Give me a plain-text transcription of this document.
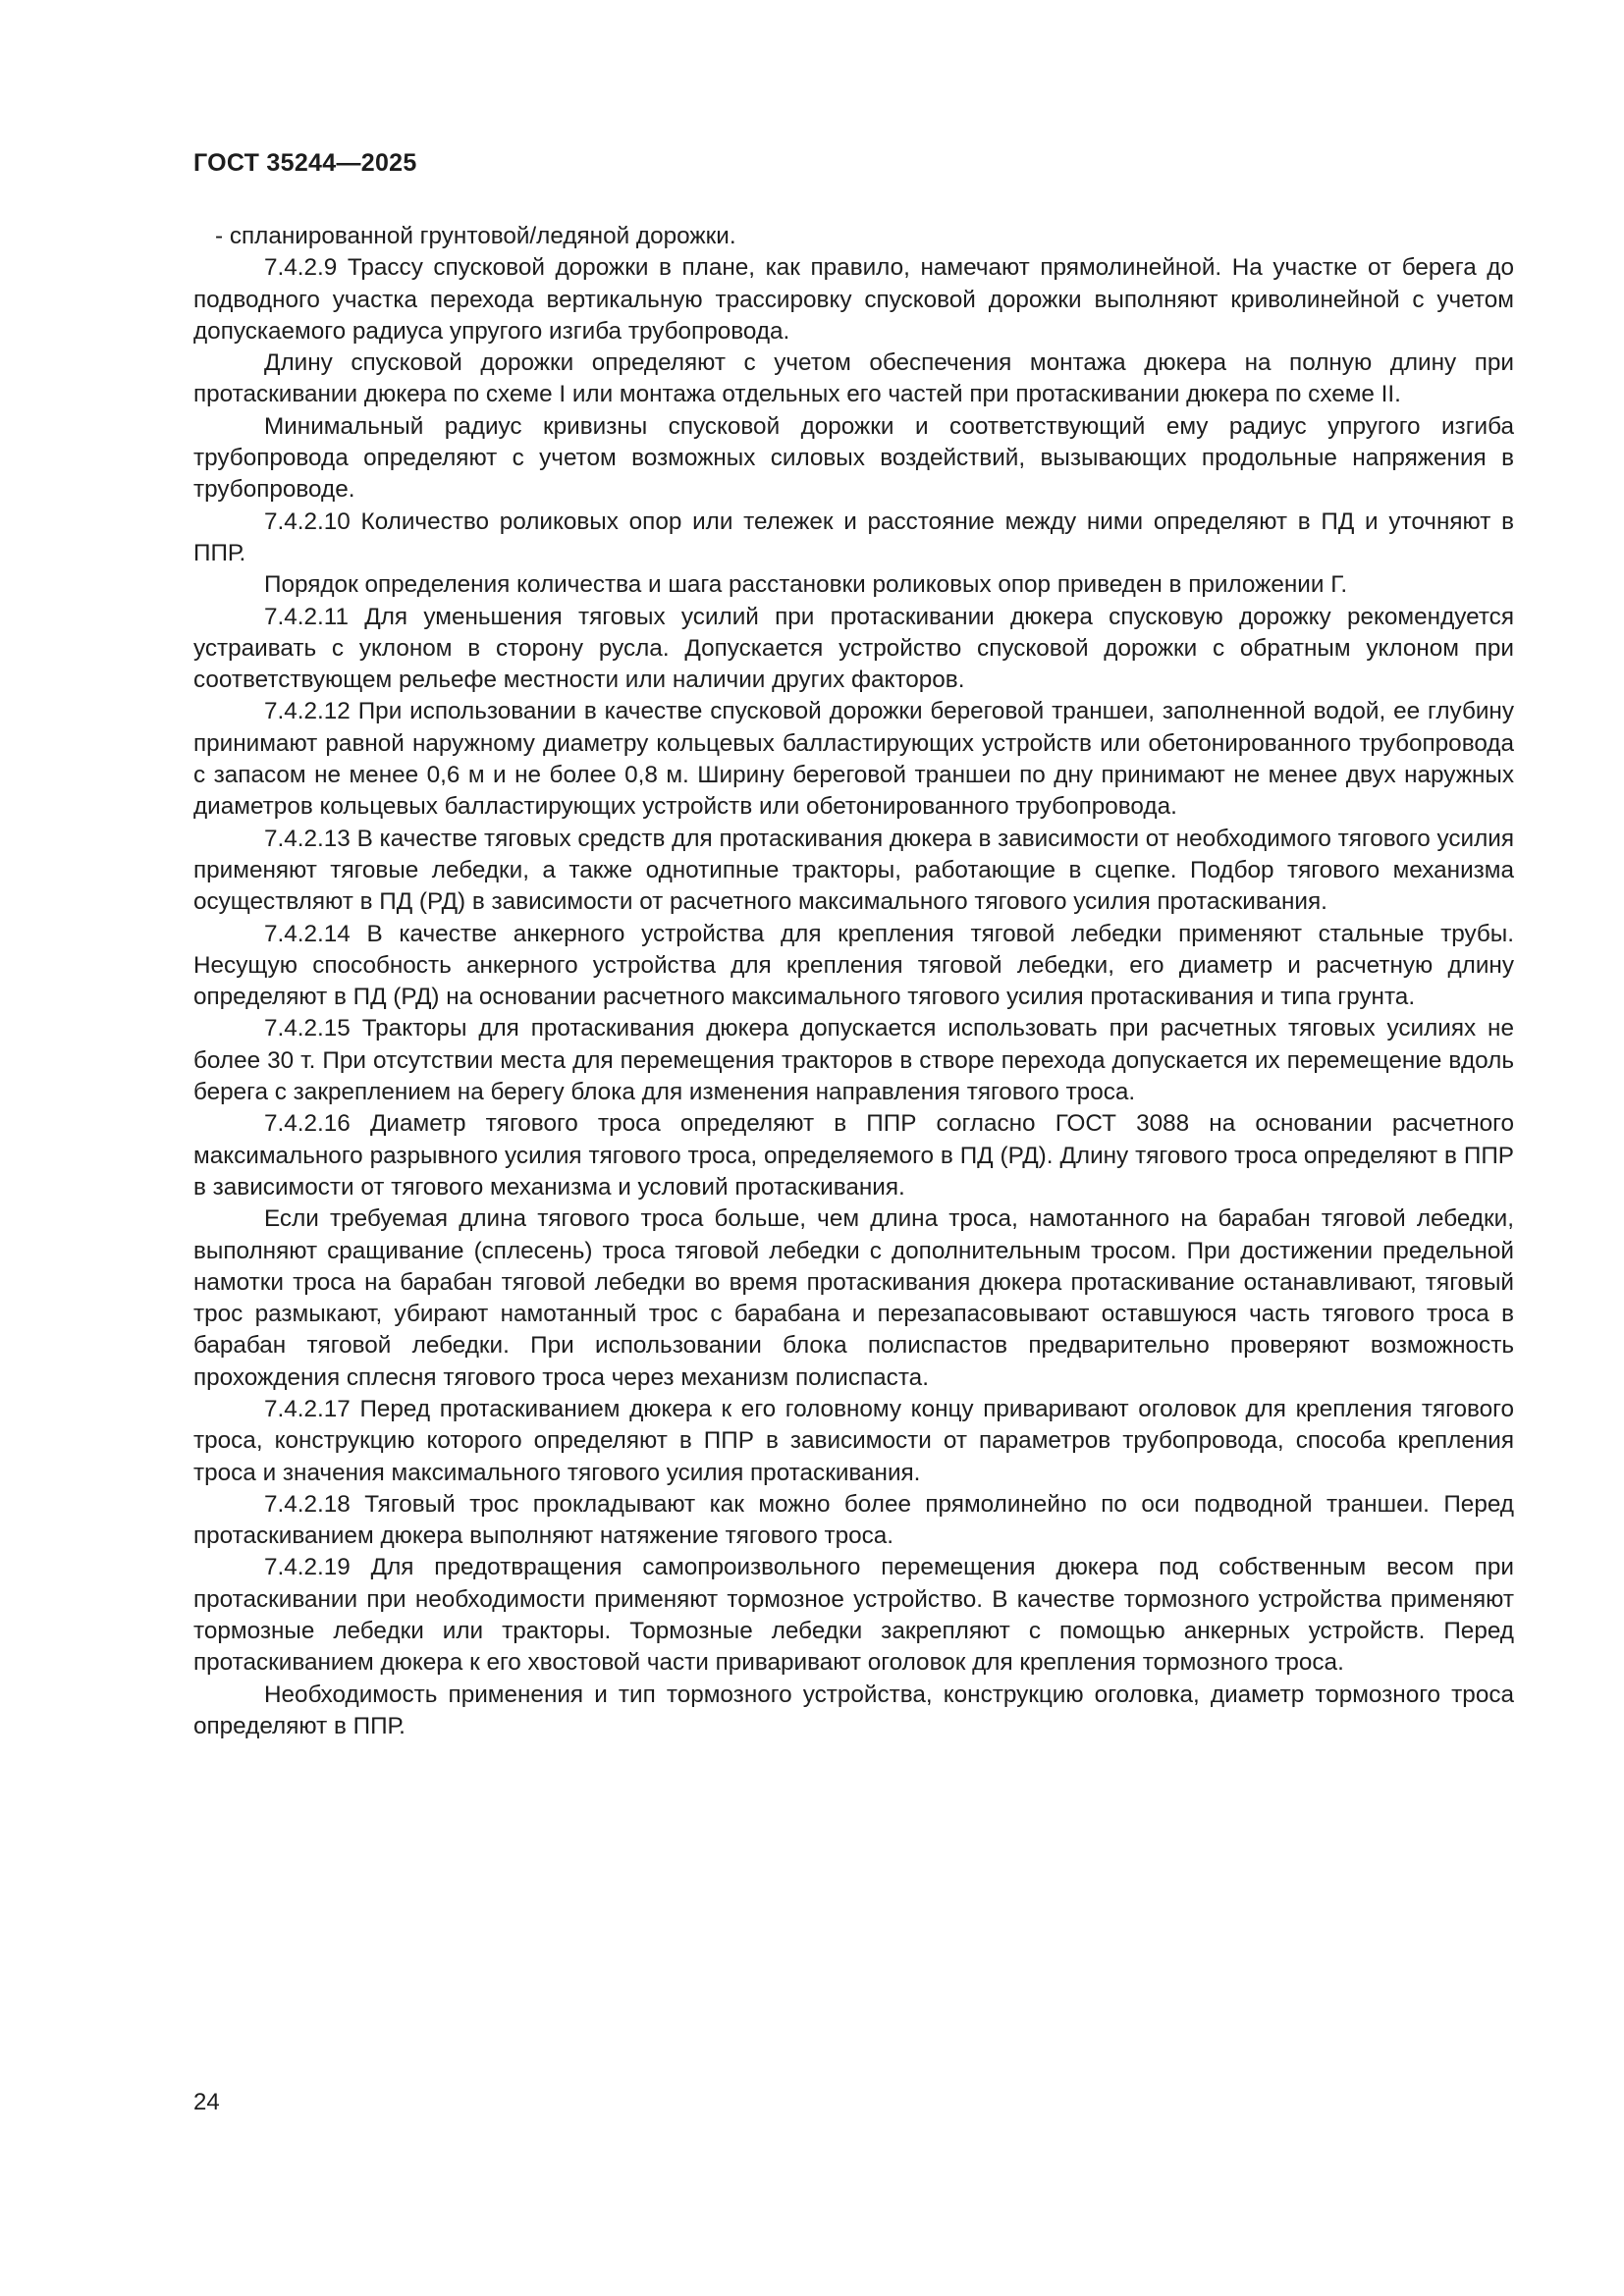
ГОСТ 35244—2025

- спланированной грунтовой/ледяной дорожки.

7.4.2.9 Трассу спусковой дорожки в плане, как правило, намечают прямолинейной. На участке от берега до подводного участка перехода вертикальную трассировку спусковой дорожки выполняют криволинейной с учетом допускаемого радиуса упругого изгиба трубопровода.

Длину спусковой дорожки определяют с учетом обеспечения монтажа дюкера на полную длину при протаскивании дюкера по схеме I или монтажа отдельных его частей при протаскивании дюкера по схеме II.

Минимальный радиус кривизны спусковой дорожки и соответствующий ему радиус упругого изгиба трубопровода определяют с учетом возможных силовых воздействий, вызывающих продольные напряжения в трубопроводе.

7.4.2.10 Количество роликовых опор или тележек и расстояние между ними определяют в ПД и уточняют в ППР.

Порядок определения количества и шага расстановки роликовых опор приведен в приложении Г.

7.4.2.11 Для уменьшения тяговых усилий при протаскивании дюкера спусковую дорожку рекомендуется устраивать с уклоном в сторону русла. Допускается устройство спусковой дорожки с обратным уклоном при соответствующем рельефе местности или наличии других факторов.

7.4.2.12 При использовании в качестве спусковой дорожки береговой траншеи, заполненной водой, ее глубину принимают равной наружному диаметру кольцевых балластирующих устройств или обетонированного трубопровода с запасом не менее 0,6 м и не более 0,8 м. Ширину береговой траншеи по дну принимают не менее двух наружных диаметров кольцевых балластирующих устройств или обетонированного трубопровода.

7.4.2.13 В качестве тяговых средств для протаскивания дюкера в зависимости от необходимого тягового усилия применяют тяговые лебедки, а также однотипные тракторы, работающие в сцепке. Подбор тягового механизма осуществляют в ПД (РД) в зависимости от расчетного максимального тягового усилия протаскивания.

7.4.2.14 В качестве анкерного устройства для крепления тяговой лебедки применяют стальные трубы. Несущую способность анкерного устройства для крепления тяговой лебедки, его диаметр и расчетную длину определяют в ПД (РД) на основании расчетного максимального тягового усилия протаскивания и типа грунта.

7.4.2.15 Тракторы для протаскивания дюкера допускается использовать при расчетных тяговых усилиях не более 30 т. При отсутствии места для перемещения тракторов в створе перехода допускается их перемещение вдоль берега с закреплением на берегу блока для изменения направления тягового троса.

7.4.2.16 Диаметр тягового троса определяют в ППР согласно ГОСТ 3088 на основании расчетного максимального разрывного усилия тягового троса, определяемого в ПД (РД). Длину тягового троса определяют в ППР в зависимости от тягового механизма и условий протаскивания.

Если требуемая длина тягового троса больше, чем длина троса, намотанного на барабан тяговой лебедки, выполняют сращивание (сплесень) троса тяговой лебедки с дополнительным тросом. При достижении предельной намотки троса на барабан тяговой лебедки во время протаскивания дюкера протаскивание останавливают, тяговый трос размыкают, убирают намотанный трос с барабана и перезапасовывают оставшуюся часть тягового троса в барабан тяговой лебедки. При использовании блока полиспастов предварительно проверяют возможность прохождения сплесня тягового троса через механизм полиспаста.

7.4.2.17 Перед протаскиванием дюкера к его головному концу приваривают оголовок для крепления тягового троса, конструкцию которого определяют в ППР в зависимости от параметров трубопровода, способа крепления троса и значения максимального тягового усилия протаскивания.

7.4.2.18 Тяговый трос прокладывают как можно более прямолинейно по оси подводной траншеи. Перед протаскиванием дюкера выполняют натяжение тягового троса.

7.4.2.19 Для предотвращения самопроизвольного перемещения дюкера под собственным весом при протаскивании при необходимости применяют тормозное устройство. В качестве тормозного устройства применяют тормозные лебедки или тракторы. Тормозные лебедки закрепляют с помощью анкерных устройств. Перед протаскиванием дюкера к его хвостовой части приваривают оголовок для крепления тормозного троса.

Необходимость применения и тип тормозного устройства, конструкцию оголовка, диаметр тормозного троса определяют в ППР.

24
